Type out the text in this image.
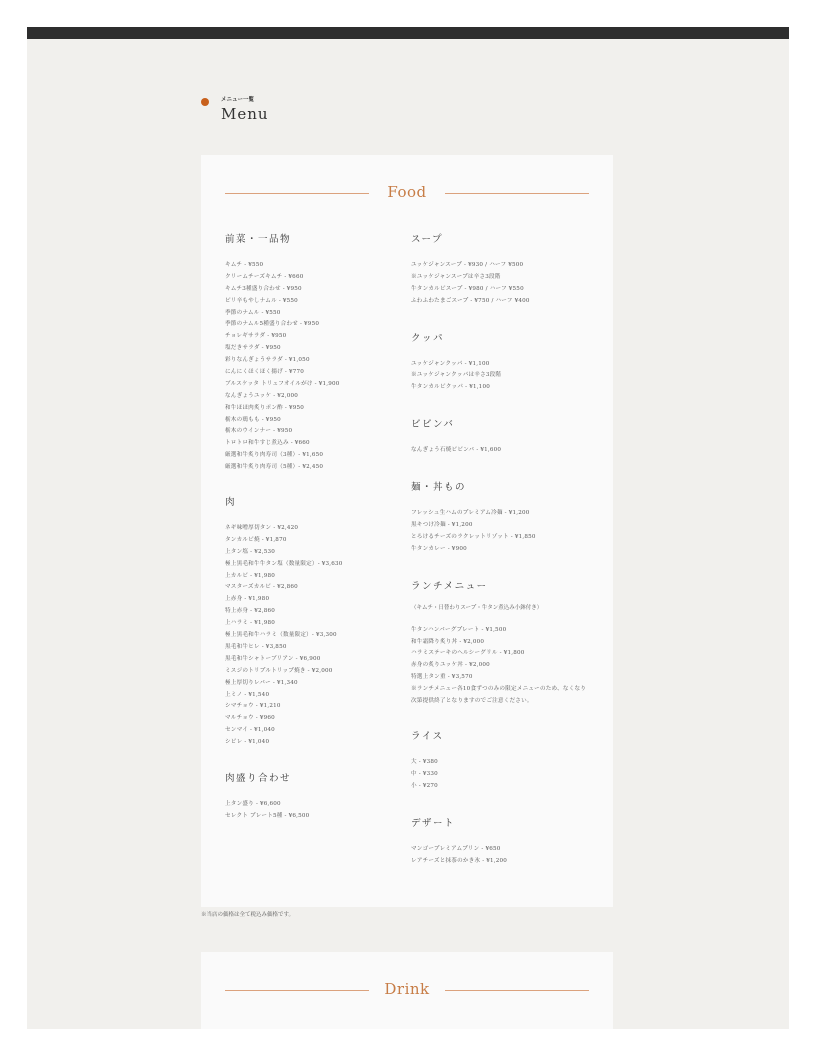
メニュー一覧
Menu
Food
前菜・一品物
キムチ - ¥550
クリームチーズキムチ - ¥660
キムチ3種盛り合わせ - ¥950
ピリ辛もやしナムル - ¥550
季節のナムル - ¥550
季節のナムル5種盛り合わせ - ¥950
チョレギサラダ - ¥950
塩だきサラダ - ¥950
彩りなんぎょうサラダ - ¥1,050
にんにくほくほく揚げ - ¥770
ブルスケッタ トリュフオイルがけ - ¥1,900
なんぎょうユッケ - ¥2,000
和牛ほほ肉炙りポン酢 - ¥950
栃木の鶏もも - ¥950
栃木のウインナー - ¥950
トロトロ和牛すじ煮込み - ¥660
厳選和牛炙り肉寿司（3種）- ¥1,650
厳選和牛炙り肉寿司（5種）- ¥2,450
肉
ネギ味噌厚切タン - ¥2,420
タンカルビ焼 - ¥1,870
上タン塩 - ¥2,530
極上黒毛和牛牛タン塩（数量限定）- ¥3,630
上カルビ - ¥1,980
マスターズカルビ - ¥2,860
上赤身 - ¥1,980
特上赤身 - ¥2,860
上ハラミ - ¥1,980
極上黒毛和牛ハラミ（数量限定）- ¥3,300
黒毛和牛ヒレ - ¥3,850
黒毛和牛シャトーブリアン - ¥6,900
ミスジのトリプルトリップ焼き - ¥2,000
極上厚切りレバー - ¥1,340
上ミノ - ¥1,540
シマチョウ - ¥1,210
マルチョウ - ¥960
センマイ - ¥1,040
シビレ - ¥1,040
肉盛り合わせ
上タン盛り - ¥6,600
セレクト プレート5種 - ¥6,500
スープ
ユッケジャンスープ - ¥930 / ハーフ ¥500
※ユッケジャンスープは辛さ3段階
牛タンカルビスープ - ¥980 / ハーフ ¥550
ふわふわたまごスープ - ¥750 / ハーフ ¥400
クッパ
ユッケジャンクッパ - ¥1,100
※ユッケジャンクッパは辛さ3段階
牛タンカルビクッパ - ¥1,100
ビビンバ
なんぎょう石焼ビビンバ - ¥1,600
麺・丼もの
フレッシュ生ハムのプレミアム冷麺 - ¥1,200
黒キつけ冷麺 - ¥1,200
とろけるチーズのラクレットリゾット - ¥1,850
牛タンカレー - ¥900
ランチメニュー
（キムチ・日替わりスープ・牛タン煮込み小鉢付き）
牛タンハンバーグプレート - ¥1,500
和牛霜降り炙り丼 - ¥2,000
ハラミステーキのヘルシーグリル - ¥1,800
赤身の炙りユッケ丼 - ¥2,000
特選上タン重 - ¥3,570
※ランチメニュー各10食ずつのみの限定メニューのため、なくなり次第提供終了となりますのでご注意ください。
ライス
大 - ¥380
中 - ¥330
小 - ¥270
デザート
マンゴープレミアムプリン - ¥650
レアチーズと抹茶のかき氷 - ¥1,200
※当店の価格は全て税込み価格です。
Drink
